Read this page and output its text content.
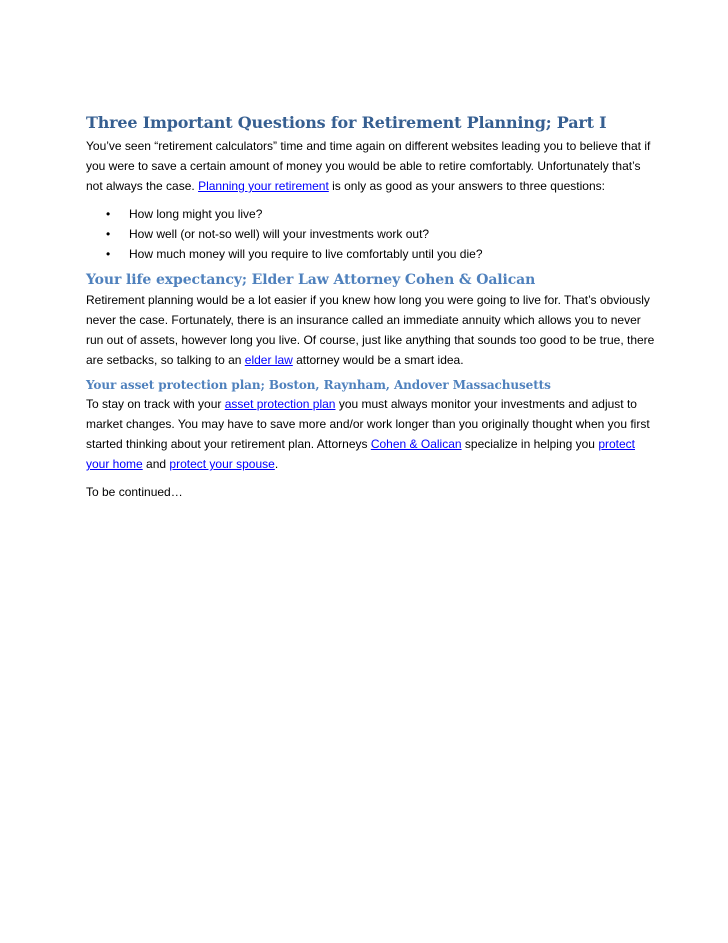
Three Important Questions for Retirement Planning; Part I

You’ve seen “retirement calculators” time and time again on different websites leading you to believe that if you were to save a certain amount of money you would be able to retire comfortably. Unfortunately that’s not always the case. Planning your retirement is only as good as your answers to three questions:

• How long might you live?
• How well (or not-so well) will your investments work out?
• How much money will you require to live comfortably until you die?
Your life expectancy; Elder Law Attorney Cohen & Oalican

Retirement planning would be a lot easier if you knew how long you were going to live for. That’s obviously never the case. Fortunately, there is an insurance called an immediate annuity which allows you to never run out of assets, however long you live. Of course, just like anything that sounds too good to be true, there are setbacks, so talking to an elder law attorney would be a smart idea.

Your asset protection plan; Boston, Raynham, Andover Massachusetts

To stay on track with your asset protection plan you must always monitor your investments and adjust to market changes. You may have to save more and/or work longer than you originally thought when you first started thinking about your retirement plan. Attorneys Cohen & Oalican specialize in helping you protect your home and protect your spouse.

To be continued…
